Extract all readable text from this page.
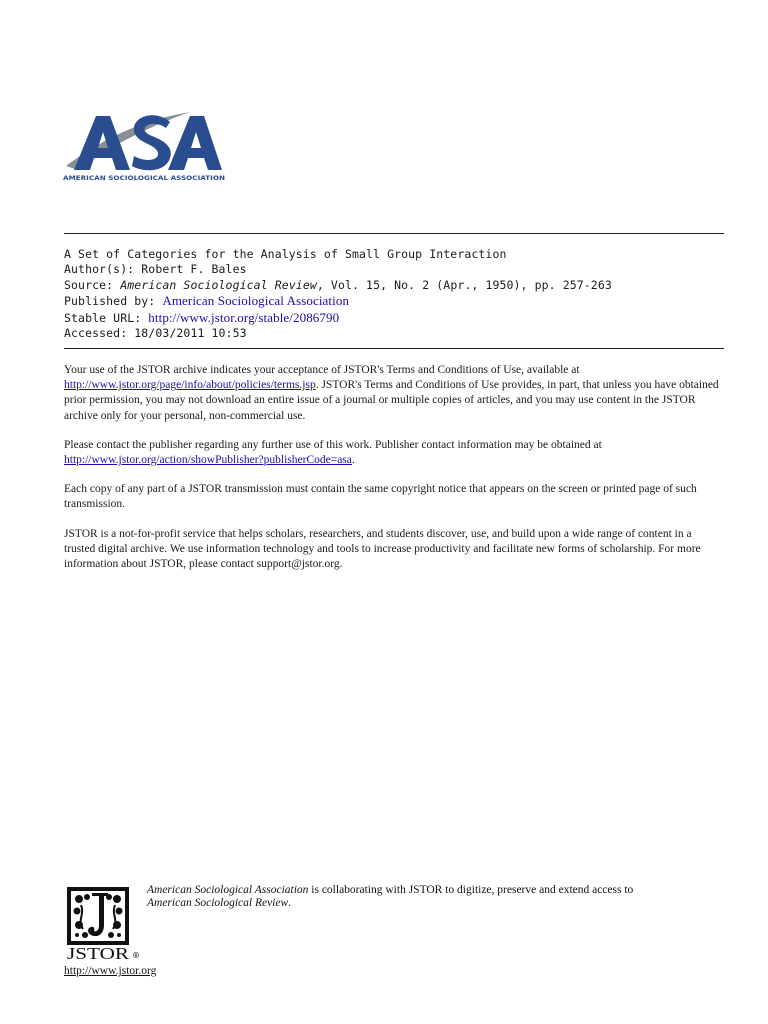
AMERICAN SOCIOLOGICAL ASSOCIATION
A Set of Categories for the Analysis of Small Group Interaction
Author(s): Robert F. Bales
Source: American Sociological Review, Vol. 15, No. 2 (Apr., 1950), pp. 257-263
Published by: American Sociological Association
Stable URL: http://www.jstor.org/stable/2086790
Accessed: 18/03/2011 10:53

Your use of the JSTOR archive indicates your acceptance of JSTOR's Terms and Conditions of Use, available at http://www.jstor.org/page/info/about/policies/terms.jsp. JSTOR's Terms and Conditions of Use provides, in part, that unless you have obtained prior permission, you may not download an entire issue of a journal or multiple copies of articles, and you may use content in the JSTOR archive only for your personal, non-commercial use.

Please contact the publisher regarding any further use of this work. Publisher contact information may be obtained at http://www.jstor.org/action/showPublisher?publisherCode=asa.

Each copy of any part of a JSTOR transmission must contain the same copyright notice that appears on the screen or printed page of such transmission.

JSTOR is a not-for-profit service that helps scholars, researchers, and students discover, use, and build upon a wide range of content in a trusted digital archive. We use information technology and tools to increase productivity and facilitate new forms of scholarship. For more information about JSTOR, please contact support@jstor.org.

JSTOR ®
http://www.jstor.org
American Sociological Association is collaborating with JSTOR to digitize, preserve and extend access to
American Sociological Review.
